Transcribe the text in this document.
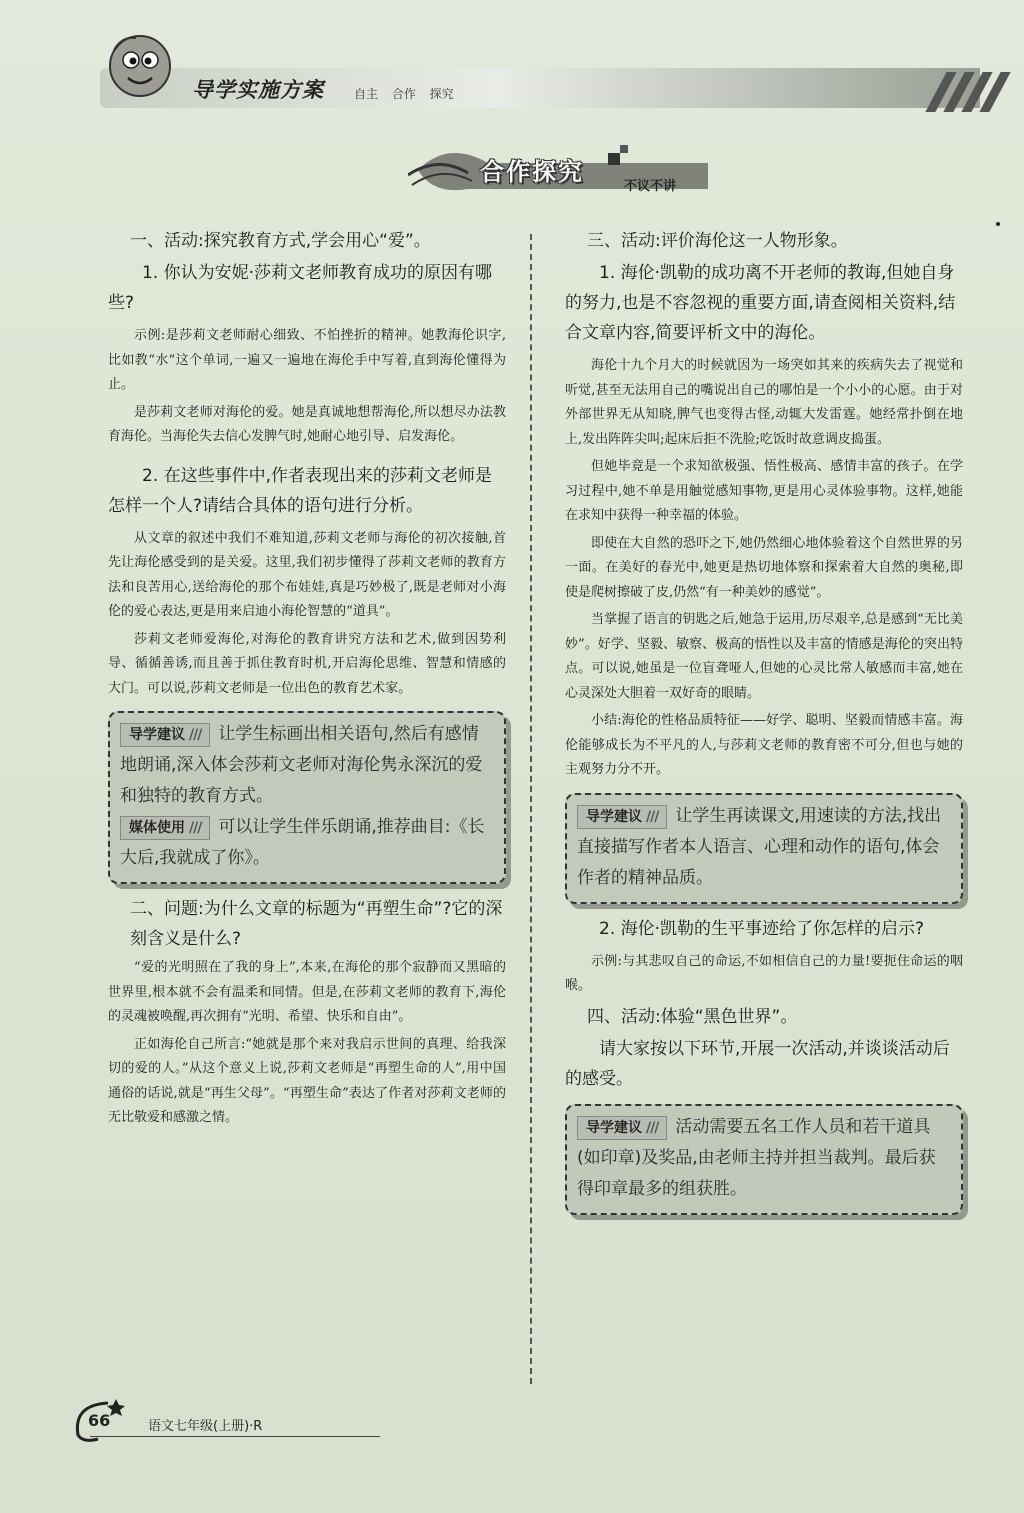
导学实施方案	自主 合作 探究
合作探究
不议不讲

一、活动:探究教育方式,学会用心“爱”。

1. 你认为安妮·莎莉文老师教育成功的原因有哪些?

示例:是莎莉文老师耐心细致、不怕挫折的精神。她教海伦识字,比如教“水”这个单词,一遍又一遍地在海伦手中写着,直到海伦懂得为止。

是莎莉文老师对海伦的爱。她是真诚地想帮海伦,所以想尽办法教育海伦。当海伦失去信心发脾气时,她耐心地引导、启发海伦。

2. 在这些事件中,作者表现出来的莎莉文老师是怎样一个人?请结合具体的语句进行分析。

从文章的叙述中我们不难知道,莎莉文老师与海伦的初次接触,首先让海伦感受到的是关爱。这里,我们初步懂得了莎莉文老师的教育方法和良苦用心,送给海伦的那个布娃娃,真是巧妙极了,既是老师对小海伦的爱心表达,更是用来启迪小海伦智慧的“道具”。

莎莉文老师爱海伦,对海伦的教育讲究方法和艺术,做到因势利导、循循善诱,而且善于抓住教育时机,开启海伦思维、智慧和情感的大门。可以说,莎莉文老师是一位出色的教育艺术家。

导学建议 /// 让学生标画出相关语句,然后有感情地朗诵,深入体会莎莉文老师对海伦隽永深沉的爱和独特的教育方式。
媒体使用 /// 可以让学生伴乐朗诵,推荐曲目:《长大后,我就成了你》。

二、问题:为什么文章的标题为“再塑生命”?它的深刻含义是什么?

“爱的光明照在了我的身上”,本来,在海伦的那个寂静而又黑暗的世界里,根本就不会有温柔和同情。但是,在莎莉文老师的教育下,海伦的灵魂被唤醒,再次拥有“光明、希望、快乐和自由”。

正如海伦自己所言:“她就是那个来对我启示世间的真理、给我深切的爱的人。”从这个意义上说,莎莉文老师是“再塑生命的人”,用中国通俗的话说,就是“再生父母”。“再塑生命”表达了作者对莎莉文老师的无比敬爱和感激之情。

三、活动:评价海伦这一人物形象。

1. 海伦·凯勒的成功离不开老师的教诲,但她自身的努力,也是不容忽视的重要方面,请查阅相关资料,结合文章内容,简要评析文中的海伦。

海伦十九个月大的时候就因为一场突如其来的疾病失去了视觉和听觉,甚至无法用自己的嘴说出自己的哪怕是一个小小的心愿。由于对外部世界无从知晓,脾气也变得古怪,动辄大发雷霆。她经常扑倒在地上,发出阵阵尖叫;起床后拒不洗脸;吃饭时故意调皮捣蛋。

但她毕竟是一个求知欲极强、悟性极高、感情丰富的孩子。在学习过程中,她不单是用触觉感知事物,更是用心灵体验事物。这样,她能在求知中获得一种幸福的体验。

即使在大自然的恐吓之下,她仍然细心地体验着这个自然世界的另一面。在美好的春光中,她更是热切地体察和探索着大自然的奥秘,即使是爬树擦破了皮,仍然“有一种美妙的感觉”。

当掌握了语言的钥匙之后,她急于运用,历尽艰辛,总是感到“无比美妙”。好学、坚毅、敏察、极高的悟性以及丰富的情感是海伦的突出特点。可以说,她虽是一位盲聋哑人,但她的心灵比常人敏感而丰富,她在心灵深处大胆着一双好奇的眼睛。

小结:海伦的性格品质特征——好学、聪明、坚毅而情感丰富。海伦能够成长为不平凡的人,与莎莉文老师的教育密不可分,但也与她的主观努力分不开。

导学建议 /// 让学生再读课文,用速读的方法,找出直接描写作者本人语言、心理和动作的语句,体会作者的精神品质。

2. 海伦·凯勒的生平事迹给了你怎样的启示?

示例:与其悲叹自己的命运,不如相信自己的力量!要扼住命运的咽喉。

四、活动:体验“黑色世界”。

请大家按以下环节,开展一次活动,并谈谈活动后的感受。

导学建议 /// 活动需要五名工作人员和若干道具(如印章)及奖品,由老师主持并担当裁判。最后获得印章最多的组获胜。
66	语文七年级(上册)·R
